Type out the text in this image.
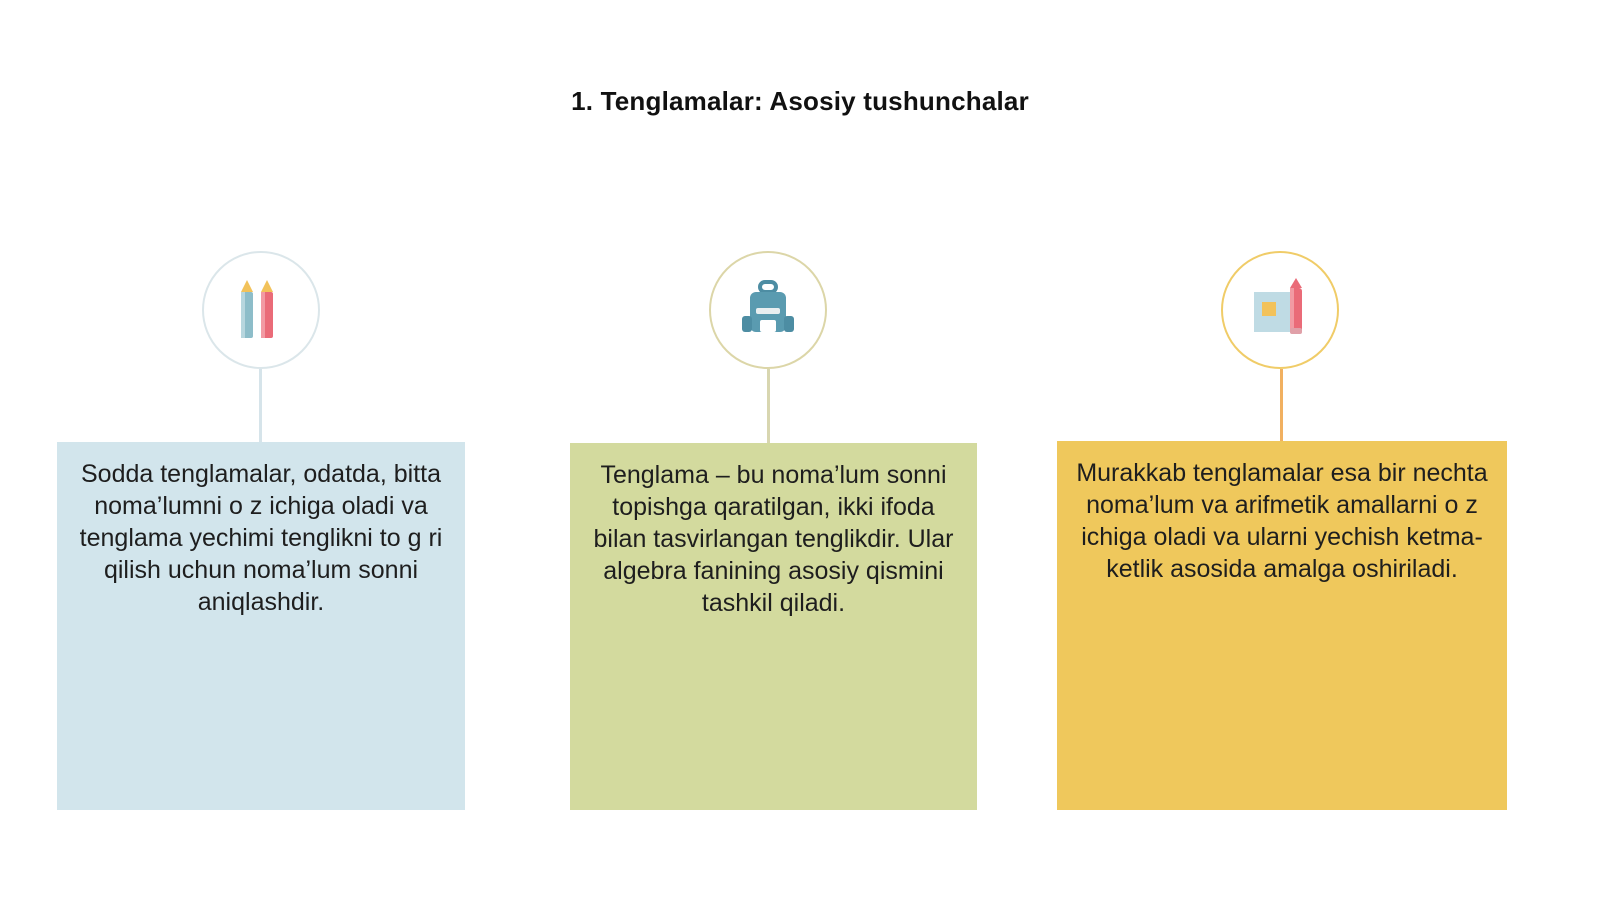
1. Tenglamalar: Asosiy tushunchalar
Sodda tenglamalar, odatda, bitta noma’lumni o z ichiga oladi va tenglama yechimi tenglikni to g ri qilish uchun noma’lum sonni aniqlashdir.
Tenglama – bu noma’lum sonni topishga qaratilgan, ikki ifoda bilan tasvirlangan tenglikdir. Ular algebra fanining asosiy qismini tashkil qiladi.
Murakkab tenglamalar esa bir nechta noma’lum va arifmetik amallarni o z ichiga oladi va ularni yechish ketma-ketlik asosida amalga oshiriladi.
